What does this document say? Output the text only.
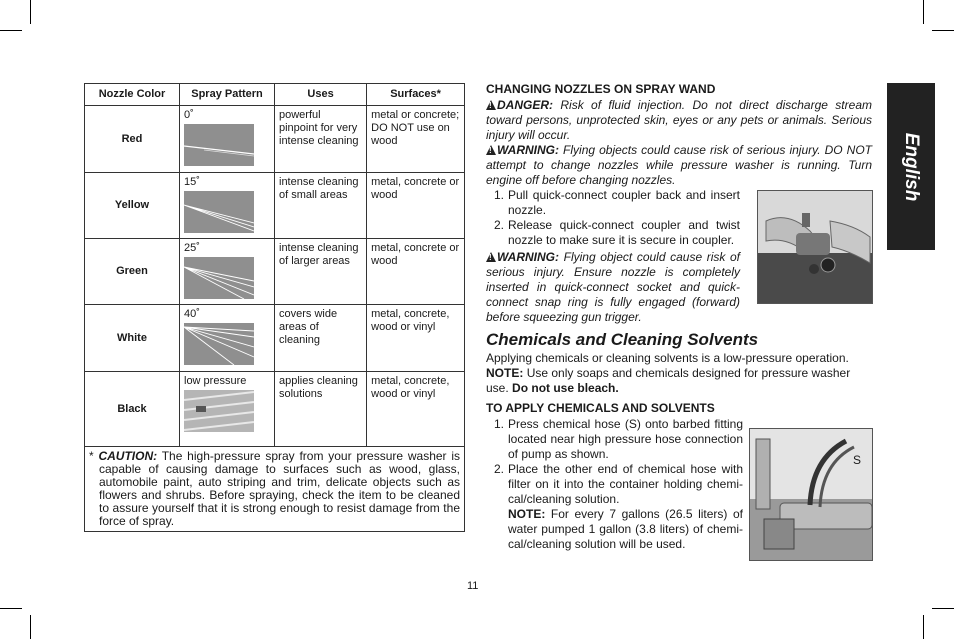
Nozzle Color	Spray Pattern	Uses	Surfaces*
Red	0˚	powerful pinpoint for very intense cleaning	metal or concrete; DO NOT use on wood
Yellow	15˚	intense cleaning of small areas	metal, concrete or wood
Green	25˚	intense cleaning of larger areas	metal, concrete or wood
White	40˚	covers wide areas of cleaning	metal, concrete, wood or vinyl
Black	low pressure	applies cleaning solutions	metal, concrete, wood or vinyl

* CAUTION: The high-pressure spray from your pressure washer is capable of causing damage to surfaces such as wood, glass, automobile paint, auto striping and trim, delicate objects such as flowers and shrubs. Before spraying, check the item to be cleaned to assure yourself that it is strong enough to resist damage from the force of spray.			
CHANGING NOZZLES ON SPRAY WAND

!DANGER: Risk of fluid injection. Do not direct discharge stream toward persons, unprotected skin, eyes or any pets or animals. Serious injury will occur.

!WARNING: Flying objects could cause risk of serious injury. DO NOT attempt to change nozzles while pressure washer is running. Turn engine off before changing nozzles.

1. Pull quick-connect coupler back and insert nozzle.
2. Release quick-connect coupler and twist nozzle to make sure it is secure in coupler.

!WARNING: Flying object could cause risk of serious injury. Ensure nozzle is completely inserted in quick-connect socket and quick-connect snap ring is fully engaged (forward) before squeezing gun trigger.

Chemicals and Cleaning Solvents

Applying chemicals or cleaning solvents is a low-pressure operation.

NOTE: Use only soaps and chemicals designed for pressure washer use. Do not use bleach.

TO APPLY CHEMICALS AND SOLVENTS
1. Press chemical hose (S) onto barbed fitting located near high pressure hose connection of pump as shown.
2. Place the other end of chemical hose with filter on it into the container holding chemi-cal/cleaning solution.
NOTE: For every 7 gallons (26.5 liters) of water pumped 1 gallon (3.8 liters) of chemi-cal/cleaning solution will be used.
S
English
11
